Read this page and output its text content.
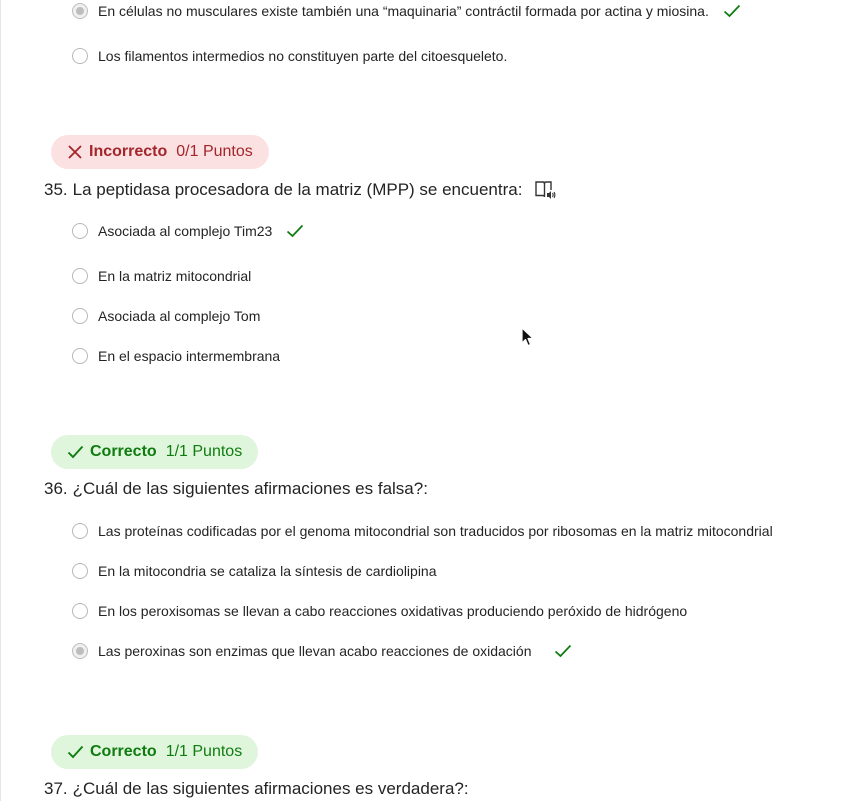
En células no musculares existe también una “maquinaria” contráctil formada por actina y miosina.
Los filamentos intermedios no constituyen parte del citoesqueleto.
Incorrecto 0/1 Puntos
35. La peptidasa procesadora de la matriz (MPP) se encuentra:
Asociada al complejo Tim23
En la matriz mitocondrial
Asociada al complejo Tom
En el espacio intermembrana
Correcto 1/1 Puntos
36. ¿Cuál de las siguientes afirmaciones es falsa?:
Las proteínas codificadas por el genoma mitocondrial son traducidos por ribosomas en la matriz mitocondrial
En la mitocondria se cataliza la síntesis de cardiolipina
En los peroxisomas se llevan a cabo reacciones oxidativas produciendo peróxido de hidrógeno
Las peroxinas son enzimas que llevan acabo reacciones de oxidación
Correcto 1/1 Puntos
37. ¿Cuál de las siguientes afirmaciones es verdadera?:
